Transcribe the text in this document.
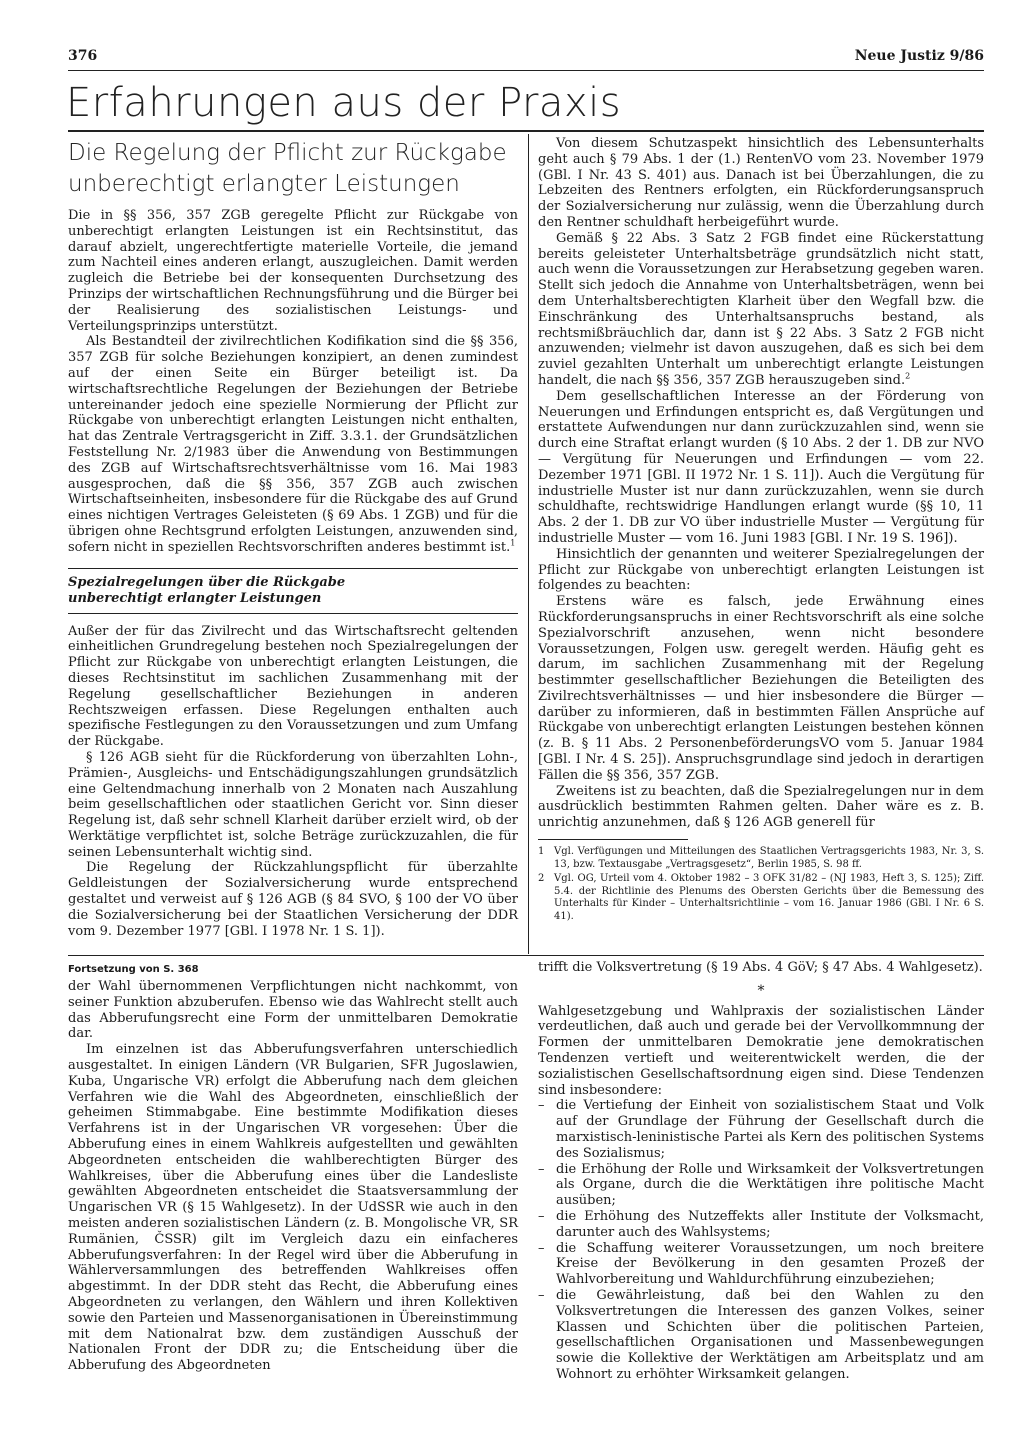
376	Neue Justiz 9/86
Erfahrungen aus der Praxis
Die Regelung der Pflicht zur Rückgabe
unberechtigt erlangter Leistungen

Die in §§ 356, 357 ZGB geregelte Pflicht zur Rückgabe von unberechtigt erlangten Leistungen ist ein Rechtsinstitut, das darauf abzielt, ungerechtfertigte materielle Vorteile, die jemand zum Nachteil eines anderen erlangt, auszugleichen. Damit werden zugleich die Betriebe bei der konsequenten Durchsetzung des Prinzips der wirtschaftlichen Rechnungsführung und die Bürger bei der Realisierung des sozialistischen Leistungs- und Verteilungsprinzips unterstützt.

Als Bestandteil der zivilrechtlichen Kodifikation sind die §§ 356, 357 ZGB für solche Beziehungen konzipiert, an denen zumindest auf der einen Seite ein Bürger beteiligt ist. Da wirtschaftsrechtliche Regelungen der Beziehungen der Betriebe untereinander jedoch eine spezielle Normierung der Pflicht zur Rückgabe von unberechtigt erlangten Leistungen nicht enthalten, hat das Zentrale Vertragsgericht in Ziff. 3.3.1. der Grundsätzlichen Feststellung Nr. 2/1983 über die Anwendung von Bestimmungen des ZGB auf Wirtschaftsrechtsverhältnisse vom 16. Mai 1983 ausgesprochen, daß die §§ 356, 357 ZGB auch zwischen Wirtschaftseinheiten, insbesondere für die Rückgabe des auf Grund eines nichtigen Vertrages Geleisteten (§ 69 Abs. 1 ZGB) und für die übrigen ohne Rechtsgrund erfolgten Leistungen, anzuwenden sind, sofern nicht in speziellen Rechtsvorschriften anderes bestimmt ist.$^1$

Spezialregelungen über die Rückgabe
unberechtigt erlangter Leistungen

Außer der für das Zivilrecht und das Wirtschaftsrecht geltenden einheitlichen Grundregelung bestehen noch Spezialregelungen der Pflicht zur Rückgabe von unberechtigt erlangten Leistungen, die dieses Rechtsinstitut im sachlichen Zusammenhang mit der Regelung gesellschaftlicher Beziehungen in anderen Rechtszweigen erfassen. Diese Regelungen enthalten auch spezifische Festlegungen zu den Voraussetzungen und zum Umfang der Rückgabe.

§ 126 AGB sieht für die Rückforderung von überzahlten Lohn-, Prämien-, Ausgleichs- und Entschädigungszahlungen grundsätzlich eine Geltendmachung innerhalb von 2 Monaten nach Auszahlung beim gesellschaftlichen oder staatlichen Gericht vor. Sinn dieser Regelung ist, daß sehr schnell Klarheit darüber erzielt wird, ob der Werktätige verpflichtet ist, solche Beträge zurückzuzahlen, die für seinen Lebensunterhalt wichtig sind.

Die Regelung der Rückzahlungspflicht für überzahlte Geldleistungen der Sozialversicherung wurde entsprechend gestaltet und verweist auf § 126 AGB (§ 84 SVO, § 100 der VO über die Sozialversicherung bei der Staatlichen Versicherung der DDR vom 9. Dezember 1977 [GBl. I 1978 Nr. 1 S. 1]).

Von diesem Schutzaspekt hinsichtlich des Lebensunterhalts geht auch § 79 Abs. 1 der (1.) RentenVO vom 23. November 1979 (GBl. I Nr. 43 S. 401) aus. Danach ist bei Überzahlungen, die zu Lebzeiten des Rentners erfolgten, ein Rückforderungsanspruch der Sozialversicherung nur zulässig, wenn die Überzahlung durch den Rentner schuldhaft herbeigeführt wurde.

Gemäß § 22 Abs. 3 Satz 2 FGB findet eine Rückerstattung bereits geleisteter Unterhaltsbeträge grundsätzlich nicht statt, auch wenn die Voraussetzungen zur Herabsetzung gegeben waren. Stellt sich jedoch die Annahme von Unterhaltsbeträgen, wenn bei dem Unterhaltsberechtigten Klarheit über den Wegfall bzw. die Einschränkung des Unterhaltsanspruchs bestand, als rechtsmißbräuchlich dar, dann ist § 22 Abs. 3 Satz 2 FGB nicht anzuwenden; vielmehr ist davon auszugehen, daß es sich bei dem zuviel gezahlten Unterhalt um unberechtigt erlangte Leistungen handelt, die nach §§ 356, 357 ZGB herauszugeben sind.$^2$

Dem gesellschaftlichen Interesse an der Förderung von Neuerungen und Erfindungen entspricht es, daß Vergütungen und erstattete Aufwendungen nur dann zurückzuzahlen sind, wenn sie durch eine Straftat erlangt wurden (§ 10 Abs. 2 der 1. DB zur NVO — Vergütung für Neuerungen und Erfindungen — vom 22. Dezember 1971 [GBl. II 1972 Nr. 1 S. 11]). Auch die Vergütung für industrielle Muster ist nur dann zurückzuzahlen, wenn sie durch schuldhafte, rechtswidrige Handlungen erlangt wurde (§§ 10, 11 Abs. 2 der 1. DB zur VO über industrielle Muster — Vergütung für industrielle Muster — vom 16. Juni 1983 [GBl. I Nr. 19 S. 196]).

Hinsichtlich der genannten und weiterer Spezialregelungen der Pflicht zur Rückgabe von unberechtigt erlangten Leistungen ist folgendes zu beachten:

Erstens wäre es falsch, jede Erwähnung eines Rückforderungsanspruchs in einer Rechtsvorschrift als eine solche Spezialvorschrift anzusehen, wenn nicht besondere Voraussetzungen, Folgen usw. geregelt werden. Häufig geht es darum, im sachlichen Zusammenhang mit der Regelung bestimmter gesellschaftlicher Beziehungen die Beteiligten des Zivilrechtsverhältnisses — und hier insbesondere die Bürger — darüber zu informieren, daß in bestimmten Fällen Ansprüche auf Rückgabe von unberechtigt erlangten Leistungen bestehen können (z. B. § 11 Abs. 2 PersonenbeförderungsVO vom 5. Januar 1984 [GBl. I Nr. 4 S. 25]). Anspruchsgrundlage sind jedoch in derartigen Fällen die §§ 356, 357 ZGB.

Zweitens ist zu beachten, daß die Spezialregelungen nur in dem ausdrücklich bestimmten Rahmen gelten. Daher wäre es z. B. unrichtig anzunehmen, daß § 126 AGB generell für

1 Vgl. Verfügungen und Mitteilungen des Staatlichen Vertragsgerichts 1983, Nr. 3, S. 13, bzw. Textausgabe „Vertragsgesetz“, Berlin 1985, S. 98 ff.
2 Vgl. OG, Urteil vom 4. Oktober 1982 – 3 OFK 31/82 – (NJ 1983, Heft 3, S. 125); Ziff. 5.4. der Richtlinie des Plenums des Obersten Gerichts über die Bemessung des Unterhalts für Kinder – Unterhaltsrichtlinie – vom 16. Januar 1986 (GBl. I Nr. 6 S. 41).
Fortsetzung von S. 368

der Wahl übernommenen Verpflichtungen nicht nachkommt, von seiner Funktion abzuberufen. Ebenso wie das Wahlrecht stellt auch das Abberufungsrecht eine Form der unmittelbaren Demokratie dar.

Im einzelnen ist das Abberufungsverfahren unterschiedlich ausgestaltet. In einigen Ländern (VR Bulgarien, SFR Jugoslawien, Kuba, Ungarische VR) erfolgt die Abberufung nach dem gleichen Verfahren wie die Wahl des Abgeordneten, einschließlich der geheimen Stimmabgabe. Eine bestimmte Modifikation dieses Verfahrens ist in der Ungarischen VR vorgesehen: Über die Abberufung eines in einem Wahlkreis aufgestellten und gewählten Abgeordneten entscheiden die wahlberechtigten Bürger des Wahlkreises, über die Abberufung eines über die Landesliste gewählten Abgeordneten entscheidet die Staatsversammlung der Ungarischen VR (§ 15 Wahlgesetz). In der UdSSR wie auch in den meisten anderen sozialistischen Ländern (z. B. Mongolische VR, SR Rumänien, ČSSR) gilt im Vergleich dazu ein einfacheres Abberufungsverfahren: In der Regel wird über die Abberufung in Wählerversammlungen des betreffenden Wahlkreises offen abgestimmt. In der DDR steht das Recht, die Abberufung eines Abgeordneten zu verlangen, den Wählern und ihren Kollektiven sowie den Parteien und Massenorganisationen in Übereinstimmung mit dem Nationalrat bzw. dem zuständigen Ausschuß der Nationalen Front der DDR zu; die Entscheidung über die Abberufung des Abgeordneten

trifft die Volksvertretung (§ 19 Abs. 4 GöV; § 47 Abs. 4 Wahlgesetz).

*

Wahlgesetzgebung und Wahlpraxis der sozialistischen Länder verdeutlichen, daß auch und gerade bei der Vervollkommnung der Formen der unmittelbaren Demokratie jene demokratischen Tendenzen vertieft und weiterentwickelt werden, die der sozialistischen Gesellschaftsordnung eigen sind. Diese Tendenzen sind insbesondere:

– die Vertiefung der Einheit von sozialistischem Staat und Volk auf der Grundlage der Führung der Gesellschaft durch die marxistisch-leninistische Partei als Kern des politischen Systems des Sozialismus;
– die Erhöhung der Rolle und Wirksamkeit der Volksvertretungen als Organe, durch die die Werktätigen ihre politische Macht ausüben;
– die Erhöhung des Nutzeffekts aller Institute der Volksmacht, darunter auch des Wahlsystems;
– die Schaffung weiterer Voraussetzungen, um noch breitere Kreise der Bevölkerung in den gesamten Prozeß der Wahlvorbereitung und Wahldurchführung einzubeziehen;
– die Gewährleistung, daß bei den Wahlen zu den Volksvertretungen die Interessen des ganzen Volkes, seiner Klassen und Schichten über die politischen Parteien, gesellschaftlichen Organisationen und Massenbewegungen sowie die Kollektive der Werktätigen am Arbeitsplatz und am Wohnort zu erhöhter Wirksamkeit gelangen.
